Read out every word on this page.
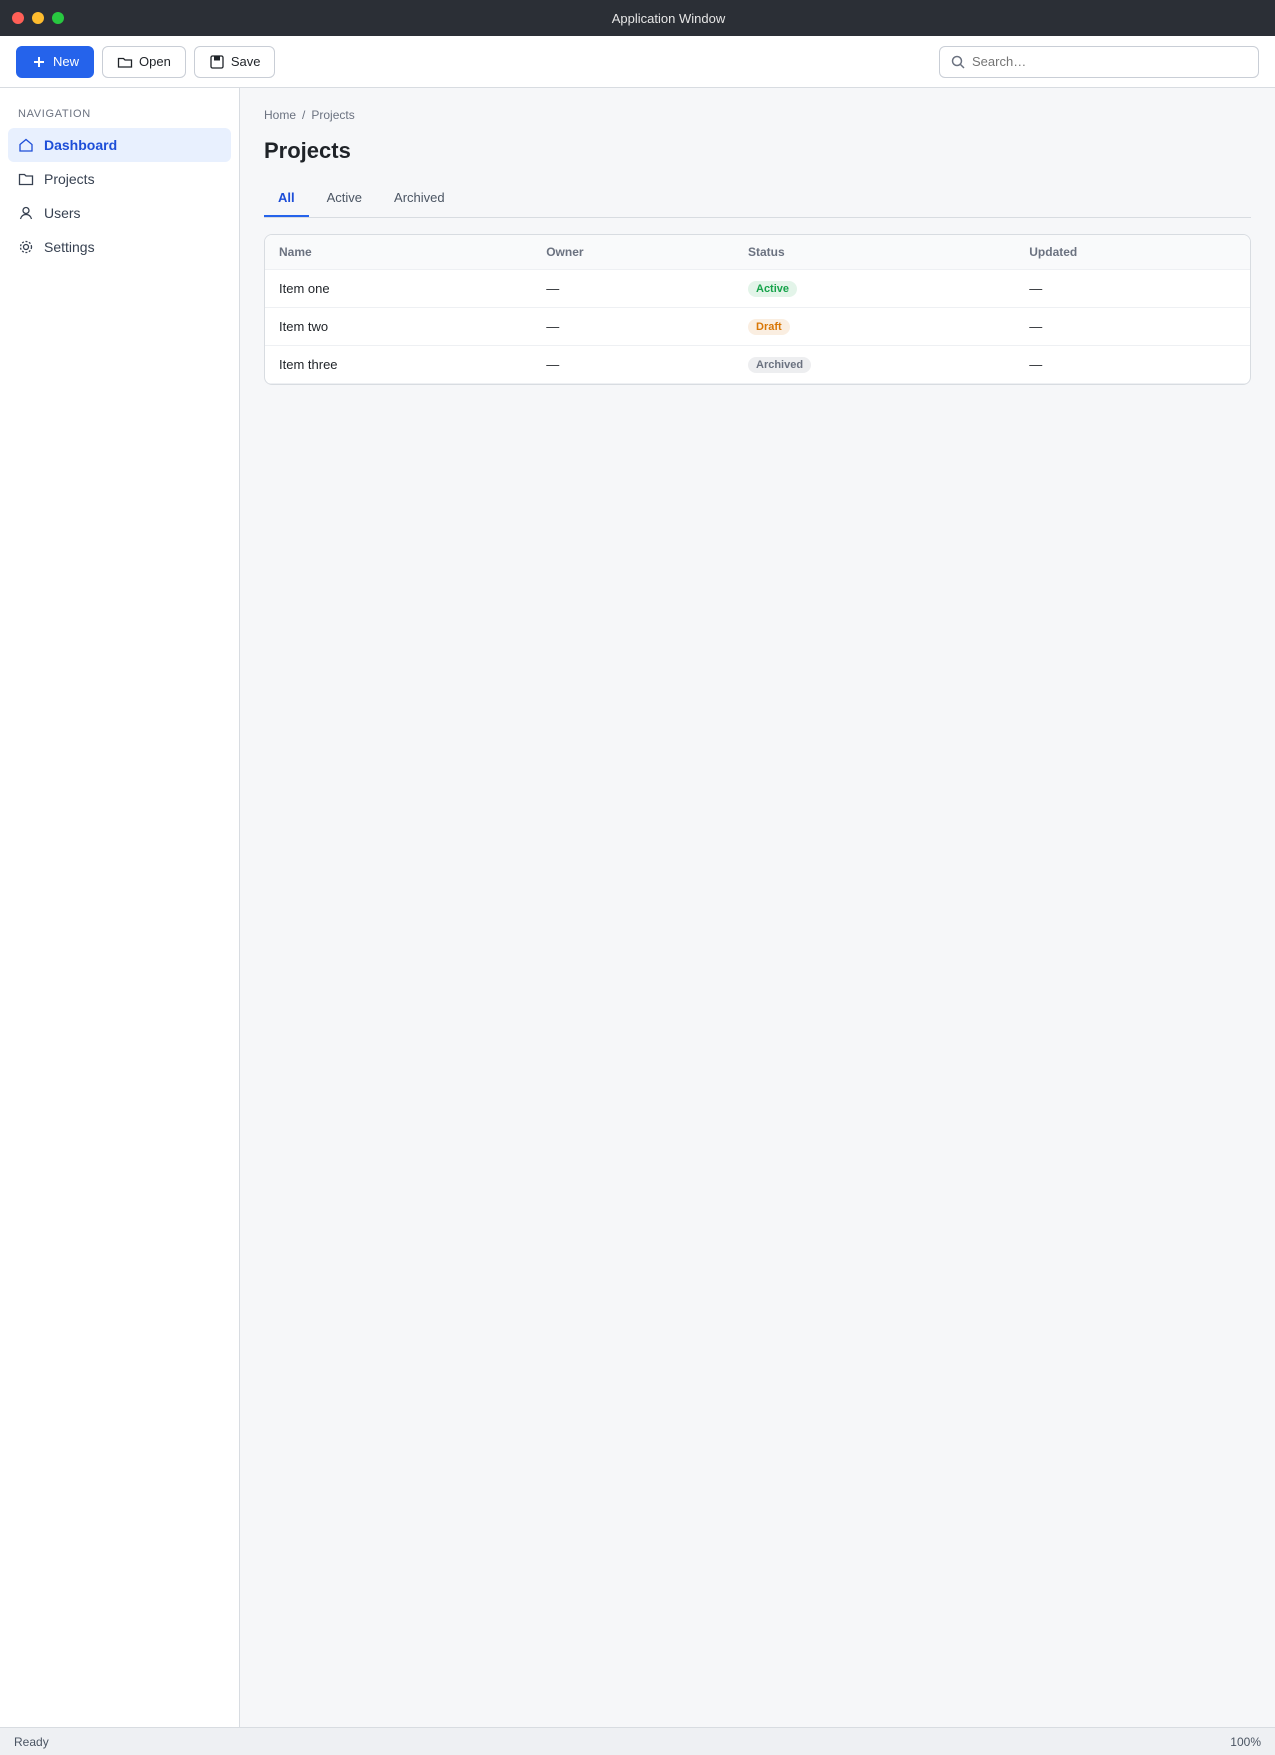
Application Window
New	Open	Save
Search…
NAVIGATION
Dashboard
Projects
Users
Settings
Home / Projects
Projects
All	Active	Archived
Name	Owner	Status	Updated
Item one	—	Active	—
Item two	—	Draft	—
Item three	—	Archived	—
Ready	100%
